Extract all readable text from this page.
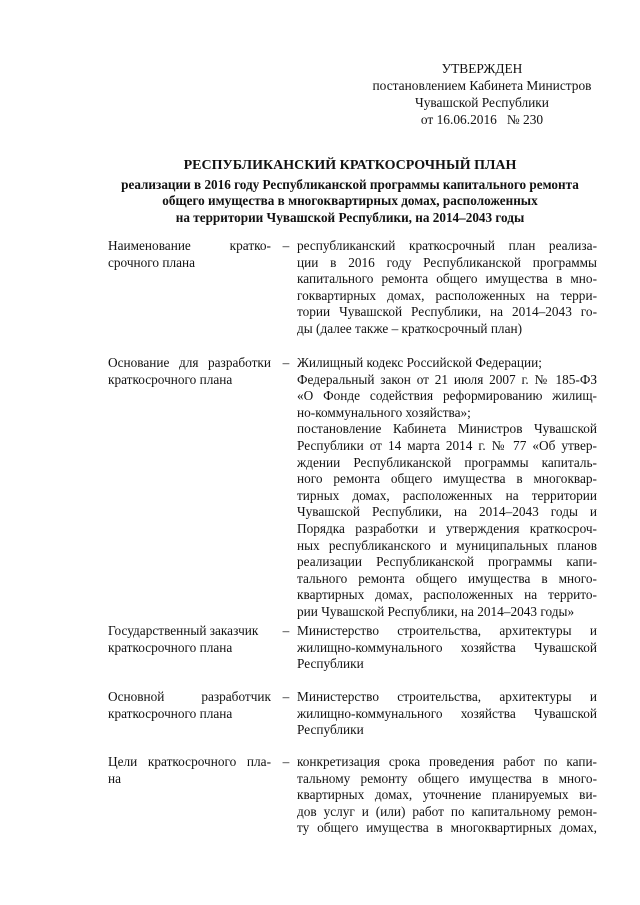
УТВЕРЖДЕН
постановлением Кабинета Министров
Чувашской Республики
от 16.06.2016   № 230
РЕСПУБЛИКАНСКИЙ КРАТКОСРОЧНЫЙ ПЛАН
реализации в 2016 году Республиканской программы капитального ремонта
общего имущества в многоквартирных домах, расположенных
на территории Чувашской Республики, на 2014–2043 годы
Наименование кратко-
срочного плана
– республиканский краткосрочный план реализа-
ции в 2016 году Республиканской программы
капитального ремонта общего имущества в мно-
гоквартирных домах, расположенных на терри-
тории Чувашской Республики, на 2014–2043 го-
ды (далее также – краткосрочный план)
Основание для разработки
краткосрочного плана
– Жилищный кодекс Российской Федерации;
Федеральный закон от 21 июля 2007 г. № 185-ФЗ
«О Фонде содействия реформированию жилищ-
но-коммунального хозяйства»;
постановление Кабинета Министров Чувашской
Республики от 14 марта 2014 г. № 77 «Об утвер-
ждении Республиканской программы капиталь-
ного ремонта общего имущества в многоквар-
тирных домах, расположенных на территории
Чувашской Республики, на 2014–2043 годы и
Порядка разработки и утверждения краткосроч-
ных республиканского и муниципальных планов
реализации Республиканской программы капи-
тального ремонта общего имущества в много-
квартирных домах, расположенных на террито-
рии Чувашской Республики, на 2014–2043 годы»
Государственный заказчик
краткосрочного плана
– Министерство строительства, архитектуры и
жилищно-коммунального хозяйства Чувашской
Республики
Основной разработчик
краткосрочного плана
– Министерство строительства, архитектуры и
жилищно-коммунального хозяйства Чувашской
Республики
Цели краткосрочного пла-
на
– конкретизация срока проведения работ по капи-
тальному ремонту общего имущества в много-
квартирных домах, уточнение планируемых ви-
дов услуг и (или) работ по капитальному ремон-
ту общего имущества в многоквартирных домах,
